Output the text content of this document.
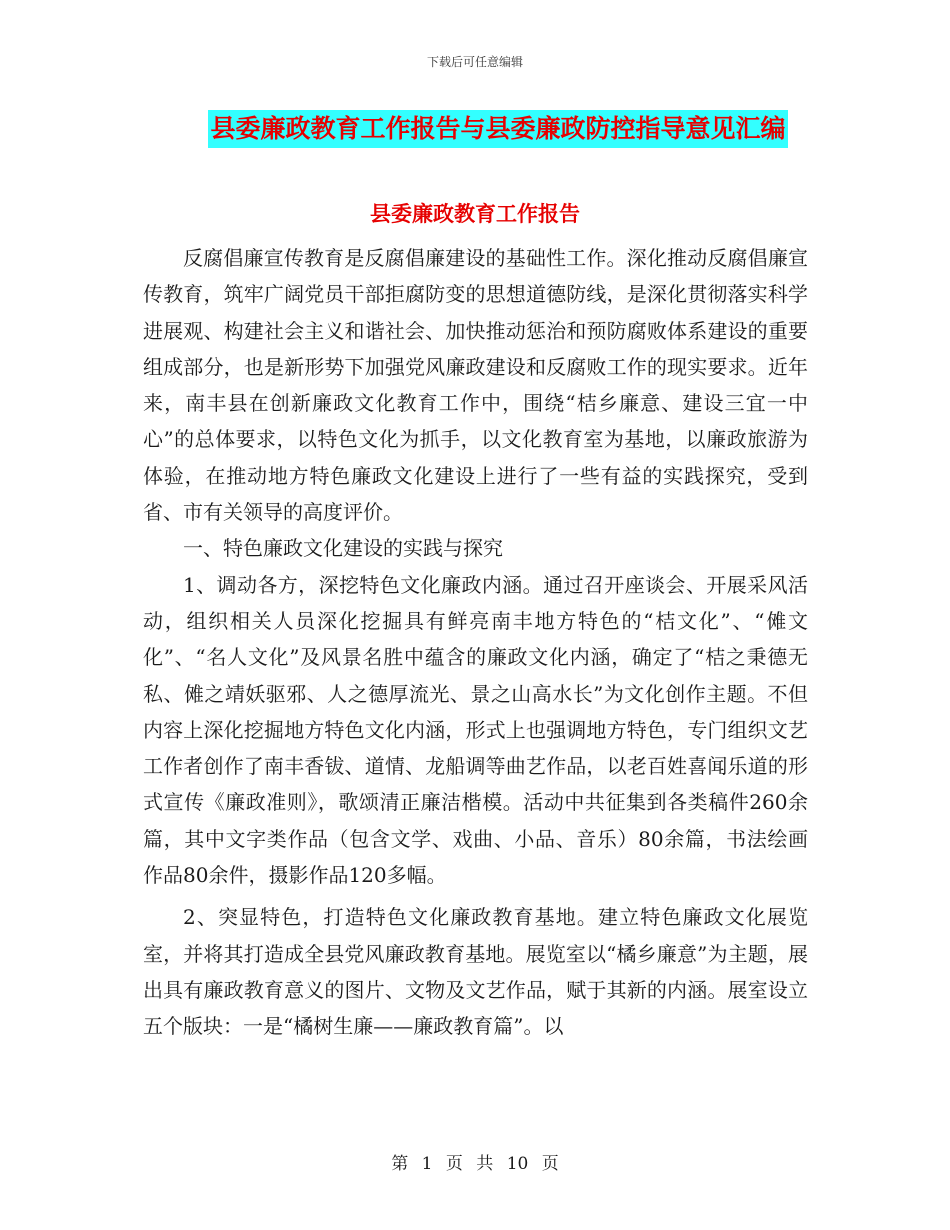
下载后可任意编辑
县委廉政教育工作报告与县委廉政防控指导意见汇编
县委廉政教育工作报告

反腐倡廉宣传教育是反腐倡廉建设的基础性工作。深化推动反腐倡廉宣传教育，筑牢广阔党员干部拒腐防变的思想道德防线，是深化贯彻落实科学进展观、构建社会主义和谐社会、加快推动惩治和预防腐败体系建设的重要组成部分，也是新形势下加强党风廉政建设和反腐败工作的现实要求。近年来，南丰县在创新廉政文化教育工作中，围绕“桔乡廉意、建设三宜一中心”的总体要求，以特色文化为抓手，以文化教育室为基地，以廉政旅游为体验，在推动地方特色廉政文化建设上进行了一些有益的实践探究，受到省、市有关领导的高度评价。

一、特色廉政文化建设的实践与探究

1、调动各方，深挖特色文化廉政内涵。通过召开座谈会、开展采风活动，组织相关人员深化挖掘具有鲜亮南丰地方特色的“桔文化”、“傩文化”、“名人文化”及风景名胜中蕴含的廉政文化内涵，确定了“桔之秉德无私、傩之靖妖驱邪、人之德厚流光、景之山高水长”为文化创作主题。不但内容上深化挖掘地方特色文化内涵，形式上也强调地方特色，专门组织文艺工作者创作了南丰香钹、道情、龙船调等曲艺作品，以老百姓喜闻乐道的形式宣传《廉政准则》，歌颂清正廉洁楷模。活动中共征集到各类稿件260余篇，其中文字类作品（包含文学、戏曲、小品、音乐）80余篇，书法绘画作品80余件，摄影作品120多幅。

2、突显特色，打造特色文化廉政教育基地。建立特色廉政文化展览室，并将其打造成全县党风廉政教育基地。展览室以“橘乡廉意”为主题，展出具有廉政教育意义的图片、文物及文艺作品，赋于其新的内涵。展室设立五个版块：一是“橘树生廉——廉政教育篇”。以

第 1 页 共 10 页
